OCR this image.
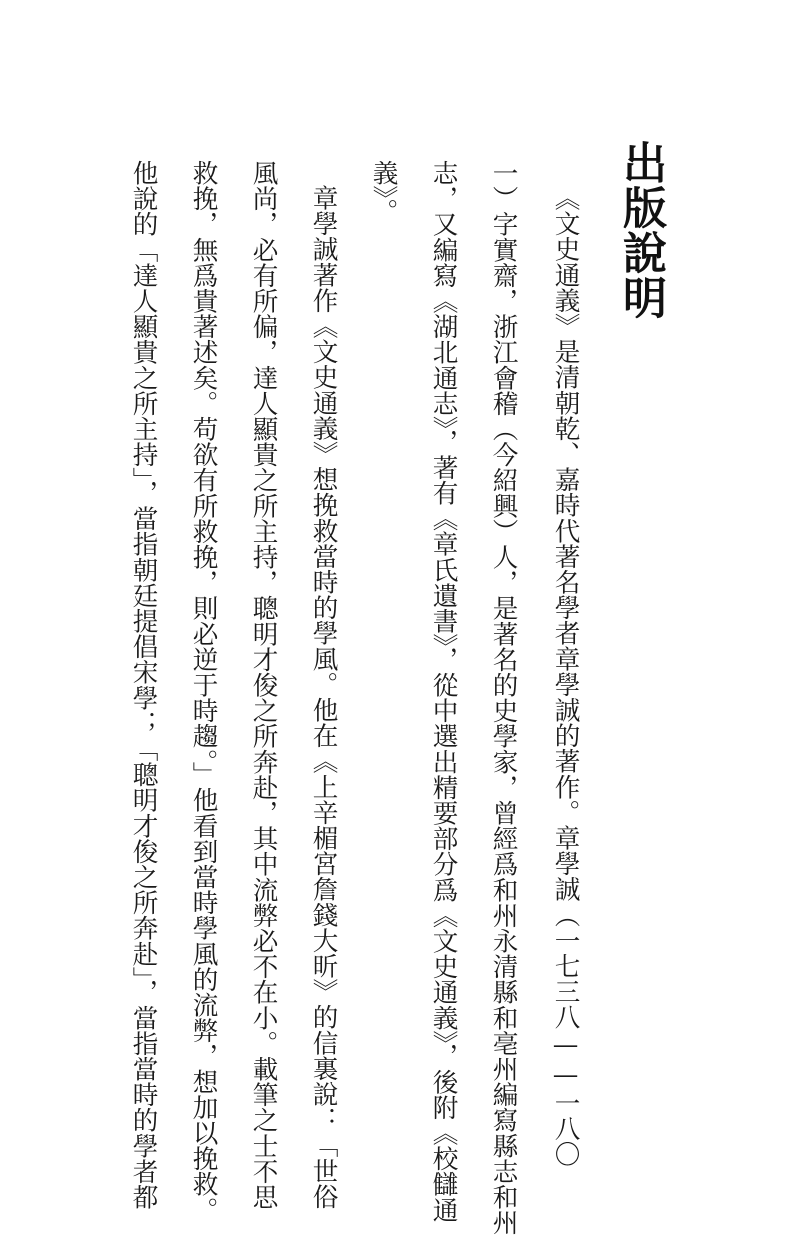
出版說明
《文史通義》是清朝乾、嘉時代著名學者章學誠的著作。章學誠（一七三八——一八〇
一）字實齋，浙江會稽（今紹興）人，是著名的史學家，曾經爲和州永清縣和亳州編寫縣志和州
志，又編寫《湖北通志》，著有《章氏遺書》，從中選出精要部分爲《文史通義》，後附《校讎通
義》。
章學誠著作《文史通義》想挽救當時的學風。他在《上辛楣宮詹錢大昕》的信裏說：「世俗
風尚，必有所偏，達人顯貴之所主持，聰明才俊之所奔赴，其中流弊必不在小。載筆之士不思
救挽，無爲貴著述矣。苟欲有所救挽，則必逆于時趨。」他看到當時學風的流弊，想加以挽救。
他說的「達人顯貴之所主持」，當指朝廷提倡宋學；「聰明才俊之所奔赴」，當指當時的學者都
